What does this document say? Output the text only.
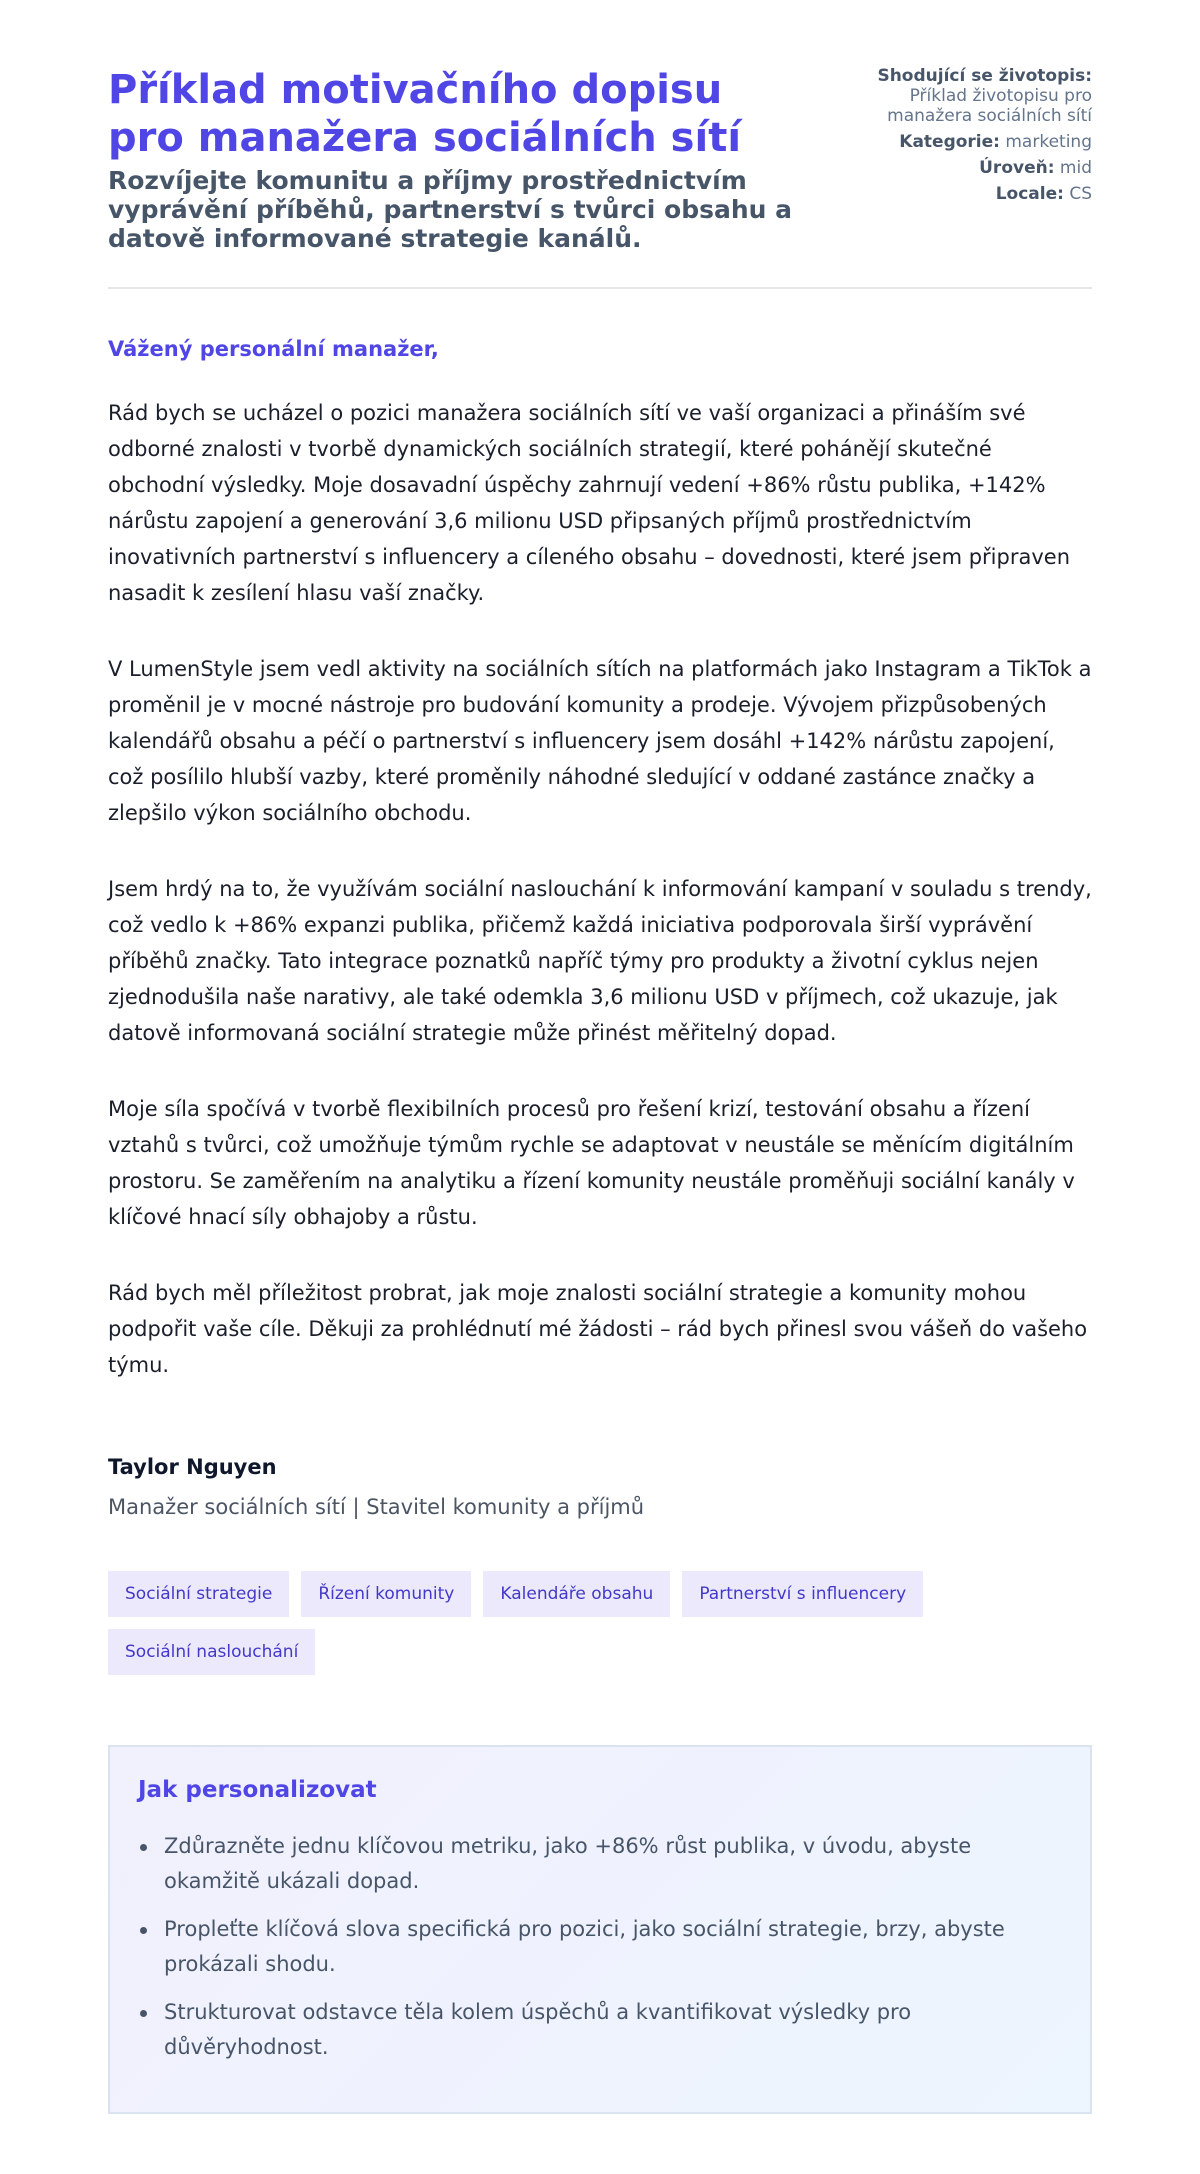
Příklad motivačního dopisu pro manažera sociálních sítí
Rozvíjejte komunitu a příjmy prostřednictvím vyprávění příběhů, partnerství s tvůrci obsahu a datově informované strategie kanálů.
Shodující se životopis:
Příklad životopisu pro manažera sociálních sítí
Kategorie: marketing
Úroveň: mid
Locale: CS

Vážený personální manažer,

Rád bych se ucházel o pozici manažera sociálních sítí ve vaší organizaci a přináším své odborné znalosti v tvorbě dynamických sociálních strategií, které pohánějí skutečné obchodní výsledky. Moje dosavadní úspěchy zahrnují vedení +86% růstu publika, +142% nárůstu zapojení a generování 3,6 milionu USD připsaných příjmů prostřednictvím inovativních partnerství s influencery a cíleného obsahu – dovednosti, které jsem připraven nasadit k zesílení hlasu vaší značky.

V LumenStyle jsem vedl aktivity na sociálních sítích na platformách jako Instagram a TikTok a proměnil je v mocné nástroje pro budování komunity a prodeje. Vývojem přizpůsobených kalendářů obsahu a péčí o partnerství s influencery jsem dosáhl +142% nárůstu zapojení, což posílilo hlubší vazby, které proměnily náhodné sledující v oddané zastánce značky a zlepšilo výkon sociálního obchodu.

Jsem hrdý na to, že využívám sociální naslouchání k informování kampaní v souladu s trendy, což vedlo k +86% expanzi publika, přičemž každá iniciativa podporovala širší vyprávění příběhů značky. Tato integrace poznatků napříč týmy pro produkty a životní cyklus nejen zjednodušila naše narativy, ale také odemkla 3,6 milionu USD v příjmech, což ukazuje, jak datově informovaná sociální strategie může přinést měřitelný dopad.

Moje síla spočívá v tvorbě flexibilních procesů pro řešení krizí, testování obsahu a řízení vztahů s tvůrci, což umožňuje týmům rychle se adaptovat v neustále se měnícím digitálním prostoru. Se zaměřením na analytiku a řízení komunity neustále proměňuji sociální kanály v klíčové hnací síly obhajoby a růstu.

Rád bych měl příležitost probrat, jak moje znalosti sociální strategie a komunity mohou podpořit vaše cíle. Děkuji za prohlédnutí mé žádosti – rád bych přinesl svou vášeň do vašeho týmu.

Taylor Nguyen
Manažer sociálních sítí | Stavitel komunity a příjmů
Sociální strategie	Řízení komunity	Kalendáře obsahu	Partnerství s influencery
Sociální naslouchání
Jak personalizovat
Zdůrazněte jednu klíčovou metriku, jako +86% růst publika, v úvodu, abyste okamžitě ukázali dopad.
Propleťte klíčová slova specifická pro pozici, jako sociální strategie, brzy, abyste prokázali shodu.
Strukturovat odstavce těla kolem úspěchů a kvantifikovat výsledky pro důvěryhodnost.
